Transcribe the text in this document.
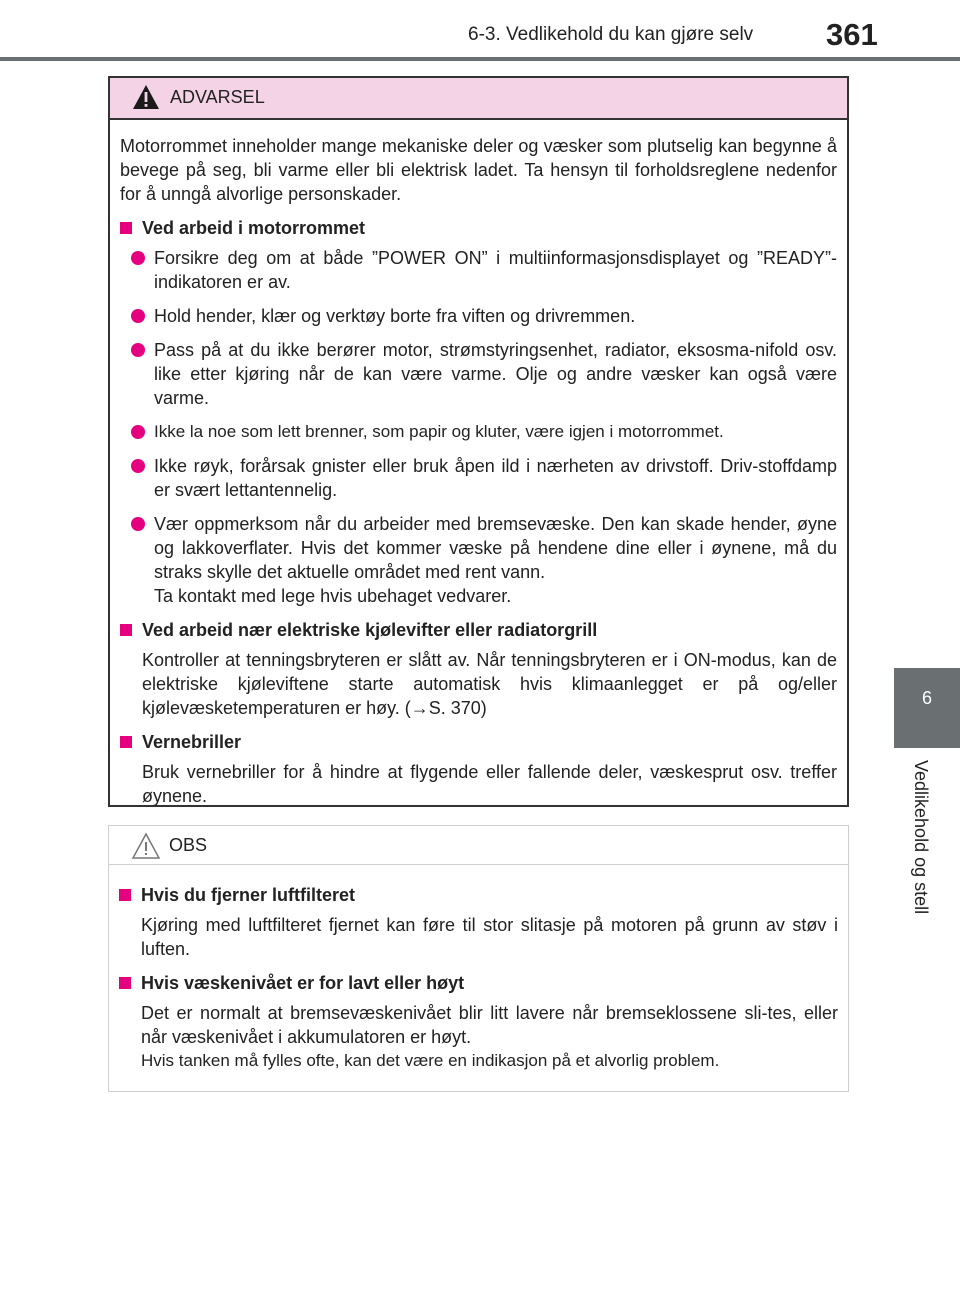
6-3. Vedlikehold du kan gjøre selv 361
6
Vedlikehold og stell
ADVARSEL

Motorrommet inneholder mange mekaniske deler og væsker som plutselig kan begynne å bevege på seg, bli varme eller bli elektrisk ladet. Ta hensyn til forholdsreglene nedenfor for å unngå alvorlige personskader.

Ved arbeid i motorrommet
Forsikre deg om at både ”POWER ON” i multiinformasjonsdisplayet og ”READY”-indikatoren er av.
Hold hender, klær og verktøy borte fra viften og drivremmen.
Pass på at du ikke berører motor, strømstyringsenhet, radiator, eksosma-nifold osv. like etter kjøring når de kan være varme. Olje og andre væsker kan også være varme.
Ikke la noe som lett brenner, som papir og kluter, være igjen i motorrommet.
Ikke røyk, forårsak gnister eller bruk åpen ild i nærheten av drivstoff. Driv-stoffdamp er svært lettantennelig.
Vær oppmerksom når du arbeider med bremsevæske. Den kan skade hender, øyne og lakkoverflater. Hvis det kommer væske på hendene dine eller i øynene, må du straks skylle det aktuelle området med rent vann.
Ta kontakt med lege hvis ubehaget vedvarer.
Ved arbeid nær elektriske kjølevifter eller radiatorgrill

Kontroller at tenningsbryteren er slått av. Når tenningsbryteren er i ON-modus, kan de elektriske kjøleviftene starte automatisk hvis klimaanlegget er på og/eller kjølevæsketemperaturen er høy. (→S. 370)

Vernebriller

Bruk vernebriller for å hindre at flygende eller fallende deler, væskesprut osv. treffer øynene.

OBS
Hvis du fjerner luftfilteret

Kjøring med luftfilteret fjernet kan føre til stor slitasje på motoren på grunn av støv i luften.

Hvis væskenivået er for lavt eller høyt

Det er normalt at bremsevæskenivået blir litt lavere når bremseklossene sli-tes, eller når væskenivået i akkumulatoren er høyt.

Hvis tanken må fylles ofte, kan det være en indikasjon på et alvorlig problem.
